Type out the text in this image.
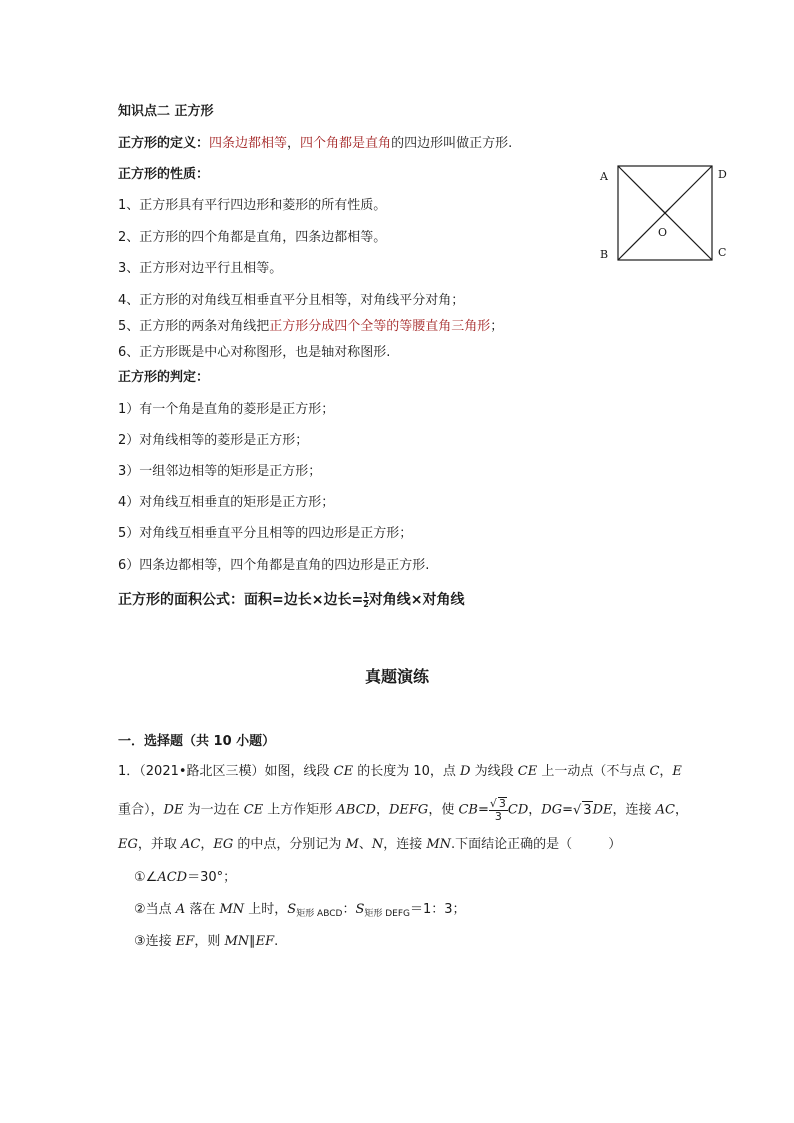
知识点二 正方形
正方形的定义：四条边都相等，四个角都是直角的四边形叫做正方形.
正方形的性质：
1、正方形具有平行四边形和菱形的所有性质。
2、正方形的四个角都是直角，四条边都相等。
3、正方形对边平行且相等。
4、正方形的对角线互相垂直平分且相等，对角线平分对角；
5、正方形的两条对角线把正方形分成四个全等的等腰直角三角形；
6、正方形既是中心对称图形，也是轴对称图形.
正方形的判定：
1）有一个角是直角的菱形是正方形；
2）对角线相等的菱形是正方形；
3）一组邻边相等的矩形是正方形；
4）对角线互相垂直的矩形是正方形；
5）对角线互相垂直平分且相等的四边形是正方形；
6）四条边都相等，四个角都是直角的四边形是正方形.
正方形的面积公式：面积=边长×边长= $\frac{1}{2}$对角线×对角线
A	D
B	C
O
真题演练
一．选择题（共 10 小题）
1．（2021•路北区三模）如图，线段 CE 的长度为 10，点 D 为线段 CE 上一动点（不与点 C，E
重合），DE 为一边在 CE 上方作矩形 ABCD，DEFG，使 $CB= \frac{√ 3}{3}$ CD，DG=√ 3DE，连接 AC，
EG，并取 AC，EG 的中点，分别记为 M、N，连接 MN.下面结论正确的是（	）
①∠ACD＝30°；
②当点 A 落在 MN 上时，$S_{矩形 ABCD}$：$S_{矩形 DEFG}=1$：3；
③连接 EF，则 MN∥EF.
